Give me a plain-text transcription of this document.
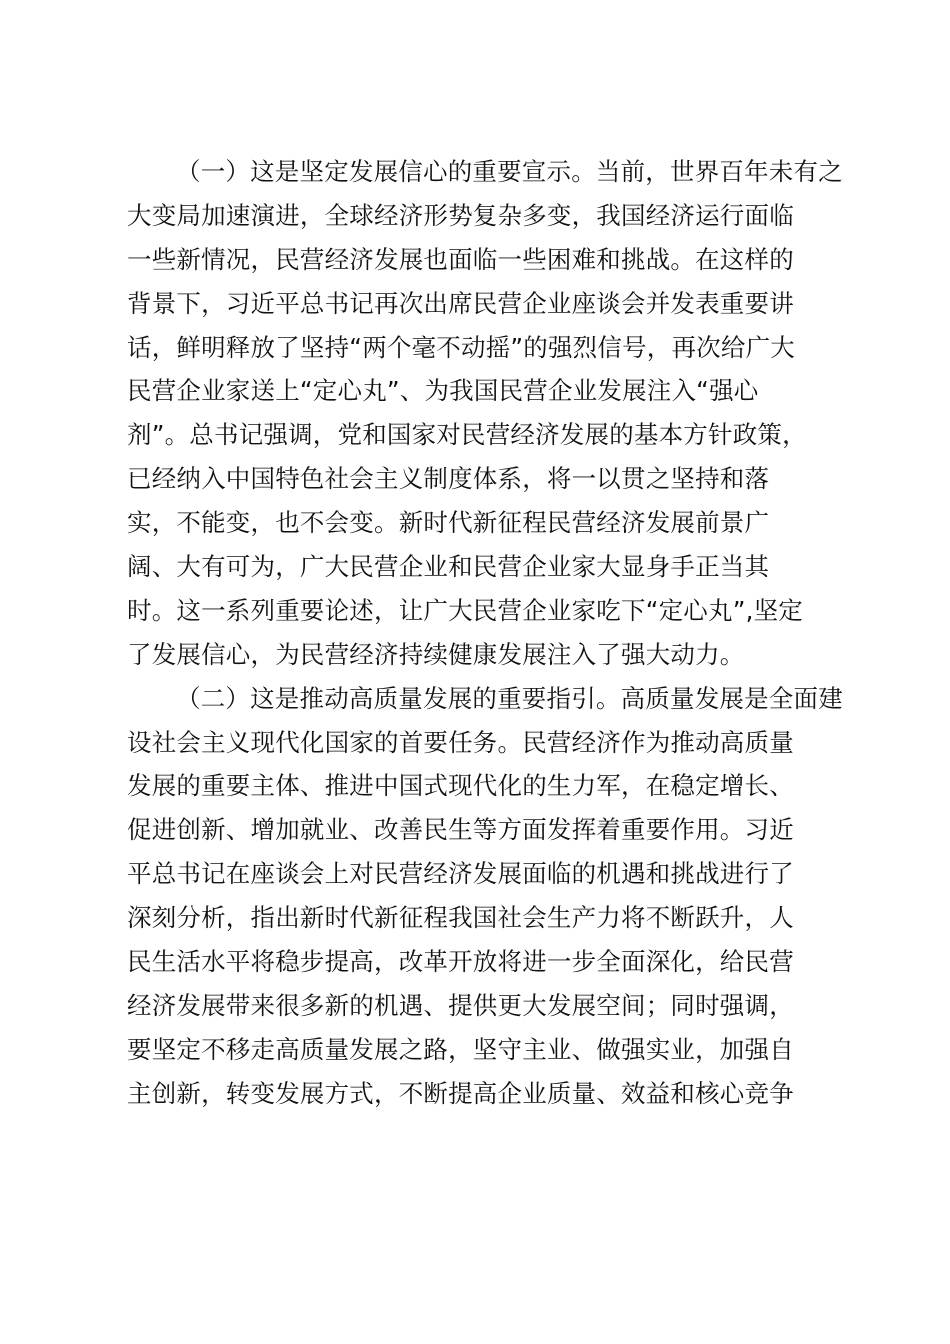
（一）这是坚定发展信心的重要宣示。当前，世界百年未有之
大变局加速演进，全球经济形势复杂多变，我国经济运行面临
一些新情况，民营经济发展也面临一些困难和挑战。在这样的
背景下，习近平总书记再次出席民营企业座谈会并发表重要讲
话，鲜明释放了坚持“两个毫不动摇”的强烈信号，再次给广大
民营企业家送上“定心丸”、为我国民营企业发展注入“强心
剂”。总书记强调，党和国家对民营经济发展的基本方针政策，
已经纳入中国特色社会主义制度体系，将一以贯之坚持和落
实，不能变，也不会变。新时代新征程民营经济发展前景广
阔、大有可为，广大民营企业和民营企业家大显身手正当其
时。这一系列重要论述，让广大民营企业家吃下“定心丸”,坚定
了发展信心，为民营经济持续健康发展注入了强大动力。
（二）这是推动高质量发展的重要指引。高质量发展是全面建
设社会主义现代化国家的首要任务。民营经济作为推动高质量
发展的重要主体、推进中国式现代化的生力军，在稳定增长、
促进创新、增加就业、改善民生等方面发挥着重要作用。习近
平总书记在座谈会上对民营经济发展面临的机遇和挑战进行了
深刻分析，指出新时代新征程我国社会生产力将不断跃升，人
民生活水平将稳步提高，改革开放将进一步全面深化，给民营
经济发展带来很多新的机遇、提供更大发展空间；同时强调，
要坚定不移走高质量发展之路，坚守主业、做强实业，加强自
主创新，转变发展方式，不断提高企业质量、效益和核心竞争
